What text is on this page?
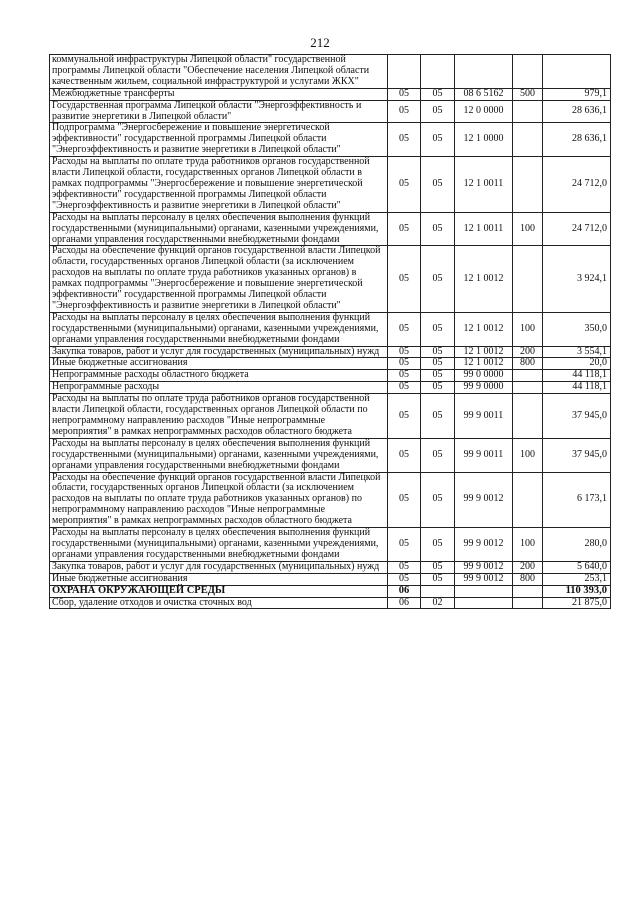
212
коммунальной инфраструктуры Липецкой области" государственной программы Липецкой области "Обеспечение населения Липецкой области качественным жильем, социальной инфраструктурой и услугами ЖКХ"					
Межбюджетные трансферты	05	05	08 6 5162	500	979,1
Государственная программа Липецкой области "Энергоэффективность и развитие энергетики в Липецкой области"	05	05	12 0 0000		28 636,1
Подпрограмма "Энергосбережение и повышение энергетической эффективности" государственной программы Липецкой области "Энергоэффективность и развитие энергетики в Липецкой области"	05	05	12 1 0000		28 636,1
Расходы на выплаты по оплате труда работников органов государственной власти Липецкой области, государственных органов Липецкой области в рамках подпрограммы "Энергосбережение и повышение энергетической эффективности" государственной программы Липецкой области "Энергоэффективность и развитие энергетики в Липецкой области"	05	05	12 1 0011		24 712,0
Расходы на выплаты персоналу в целях обеспечения выполнения функций государственными (муниципальными) органами, казенными учреждениями, органами управления государственными внебюджетными фондами	05	05	12 1 0011	100	24 712,0
Расходы на обеспечение функций органов государственной власти Липецкой области, государственных органов Липецкой области (за исключением расходов на выплаты по оплате труда работников указанных органов) в рамках подпрограммы "Энергосбережение и повышение энергетической эффективности" государственной программы Липецкой области "Энергоэффективность и развитие энергетики в Липецкой области"	05	05	12 1 0012		3 924,1
Расходы на выплаты персоналу в целях обеспечения выполнения функций государственными (муниципальными) органами, казенными учреждениями, органами управления государственными внебюджетными фондами	05	05	12 1 0012	100	350,0
Закупка товаров, работ и услуг для государственных (муниципальных) нужд	05	05	12 1 0012	200	3 554,1
Иные бюджетные ассигнования	05	05	12 1 0012	800	20,0
Непрограммные расходы областного бюджета	05	05	99 0 0000		44 118,1
Непрограммные расходы	05	05	99 9 0000		44 118,1
Расходы на выплаты по оплате труда работников органов государственной власти Липецкой области, государственных органов Липецкой области по непрограммному направлению расходов "Иные непрограммные мероприятия" в рамках непрограммных расходов областного бюджета	05	05	99 9 0011		37 945,0
Расходы на выплаты персоналу в целях обеспечения выполнения функций государственными (муниципальными) органами, казенными учреждениями, органами управления государственными внебюджетными фондами	05	05	99 9 0011	100	37 945,0
Расходы на обеспечение функций органов государственной власти Липецкой области, государственных органов Липецкой области (за исключением расходов на выплаты по оплате труда работников указанных органов) по непрограммному направлению расходов "Иные непрограммные мероприятия" в рамках непрограммных расходов областного бюджета	05	05	99 9 0012		6 173,1
Расходы на выплаты персоналу в целях обеспечения выполнения функций государственными (муниципальными) органами, казенными учреждениями, органами управления государственными внебюджетными фондами	05	05	99 9 0012	100	280,0
Закупка товаров, работ и услуг для государственных (муниципальных) нужд	05	05	99 9 0012	200	5 640,0
Иные бюджетные ассигнования	05	05	99 9 0012	800	253,1
ОХРАНА ОКРУЖАЮЩЕЙ СРЕДЫ	06				110 393,0
Сбор, удаление отходов и очистка сточных вод	06	02			21 875,0
